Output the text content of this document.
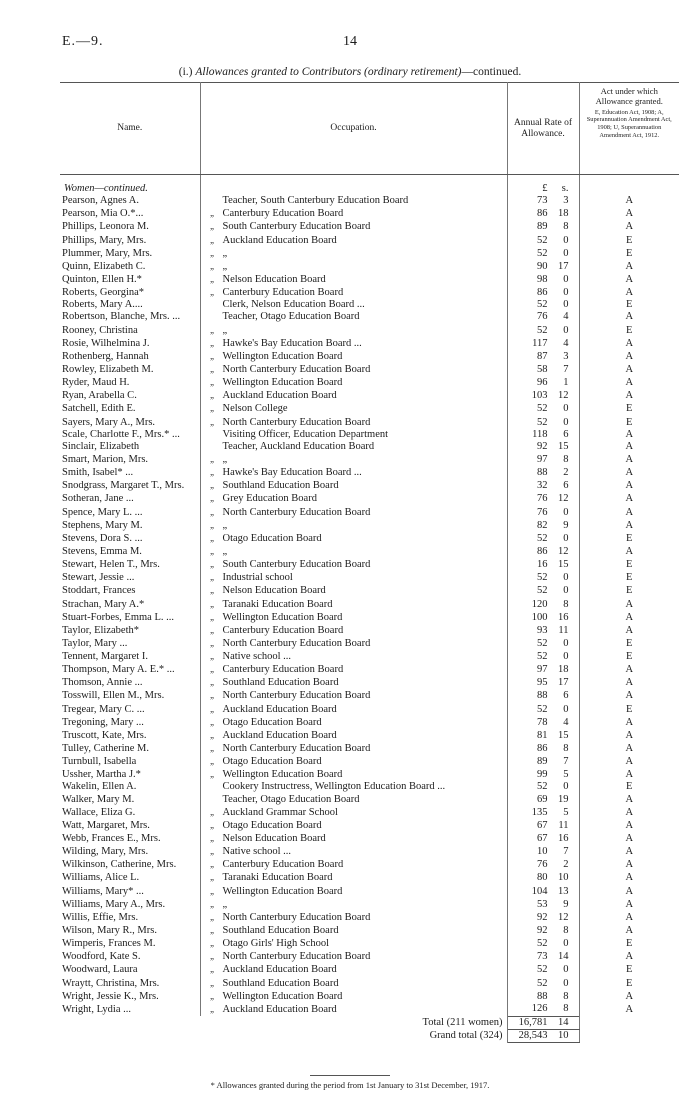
E.—9.	14
(i.) Allowances granted to Contributors (ordinary retirement)—continued.
Name.	Occupation.	Annual Rate of Allowance.	Act under which Allowance granted.
E, Education Act, 1908; A, Superannuation Amendment Act, 1908; U, Superannuation Amendment Act, 1912.

Women—continued.		£ s.	

Pearson, Agnes A.	Teacher, South Canterbury Education Board	73 3	A

Pearson, Mia O.*...	„ Canterbury Education Board	86 18	A

Phillips, Leonora M.	„ South Canterbury Education Board	89 8	A

Phillips, Mary, Mrs.	„ Auckland Education Board	52 0	E

Plummer, Mary, Mrs.	„ „	52 0	E

Quinn, Elizabeth C.	„ „	90 17	A

Quinton, Ellen H.*	„ Nelson Education Board	98 0	A

Roberts, Georgina*	„ Canterbury Education Board	86 0	A

Roberts, Mary A....	Clerk, Nelson Education Board ...	52 0	E

Robertson, Blanche, Mrs. ...	Teacher, Otago Education Board	76 4	A

Rooney, Christina	„ „	52 0	E

Rosie, Wilhelmina J.	„ Hawke's Bay Education Board ...	117 4	A

Rothenberg, Hannah	„ Wellington Education Board	87 3	A

Rowley, Elizabeth M.	„ North Canterbury Education Board	58 7	A

Ryder, Maud H.	„ Wellington Education Board	96 1	A

Ryan, Arabella C.	„ Auckland Education Board	103 12	A

Satchell, Edith E.	„ Nelson College	52 0	E

Sayers, Mary A., Mrs.	„ North Canterbury Education Board	52 0	E

Scale, Charlotte F., Mrs.* ...	Visiting Officer, Education Department	118 6	A

Sinclair, Elizabeth	Teacher, Auckland Education Board	92 15	A

Smart, Marion, Mrs.	„ „	97 8	A

Smith, Isabel* ...	„ Hawke's Bay Education Board ...	88 2	A

Snodgrass, Margaret T., Mrs.	„ Southland Education Board	32 6	A

Sotheran, Jane ...	„ Grey Education Board	76 12	A

Spence, Mary L. ...	„ North Canterbury Education Board	76 0	A

Stephens, Mary M.	„ „	82 9	A

Stevens, Dora S. ...	„ Otago Education Board	52 0	E

Stevens, Emma M.	„ „	86 12	A

Stewart, Helen T., Mrs.	„ South Canterbury Education Board	16 15	E

Stewart, Jessie ...	„ Industrial school	52 0	E

Stoddart, Frances	„ Nelson Education Board	52 0	E

Strachan, Mary A.*	„ Taranaki Education Board	120 8	A

Stuart-Forbes, Emma L. ...	„ Wellington Education Board	100 16	A

Taylor, Elizabeth*	„ Canterbury Education Board	93 11	A

Taylor, Mary ...	„ North Canterbury Education Board	52 0	E

Tennent, Margaret I.	„ Native school ...	52 0	E

Thompson, Mary A. E.* ...	„ Canterbury Education Board	97 18	A

Thomson, Annie ...	„ Southland Education Board	95 17	A

Tosswill, Ellen M., Mrs.	„ North Canterbury Education Board	88 6	A

Tregear, Mary C. ...	„ Auckland Education Board	52 0	E

Tregoning, Mary ...	„ Otago Education Board	78 4	A

Truscott, Kate, Mrs.	„ Auckland Education Board	81 15	A

Tulley, Catherine M.	„ North Canterbury Education Board	86 8	A

Turnbull, Isabella	„ Otago Education Board	89 7	A

Ussher, Martha J.*	„ Wellington Education Board	99 5	A

Wakelin, Ellen A.	Cookery Instructress, Wellington Education Board ...	52 0	E

Walker, Mary M.	Teacher, Otago Education Board	69 19	A

Wallace, Eliza G.	„ Auckland Grammar School	135 5	A

Watt, Margaret, Mrs.	„ Otago Education Board	67 11	A

Webb, Frances E., Mrs.	„ Nelson Education Board	67 16	A

Wilding, Mary, Mrs.	„ Native school ...	10 7	A

Wilkinson, Catherine, Mrs.	„ Canterbury Education Board	76 2	A

Williams, Alice L.	„ Taranaki Education Board	80 10	A

Williams, Mary* ...	„ Wellington Education Board	104 13	A

Williams, Mary A., Mrs.	„ „	53 9	A

Willis, Effie, Mrs.	„ North Canterbury Education Board	92 12	A

Wilson, Mary R., Mrs.	„ Southland Education Board	92 8	A

Wimperis, Frances M.	„ Otago Girls' High School	52 0	E

Woodford, Kate S.	„ North Canterbury Education Board	73 14	A

Woodward, Laura	„ Auckland Education Board	52 0	E

Wraytt, Christina, Mrs.	„ Southland Education Board	52 0	E

Wright, Jessie K., Mrs.	„ Wellington Education Board	88 8	A

Wright, Lydia ...	„ Auckland Education Board	126 8	A
	Total (211 women)	16,781 14	
	Grand total (324)	28,543 10	
* Allowances granted during the period from 1st January to 31st December, 1917.
